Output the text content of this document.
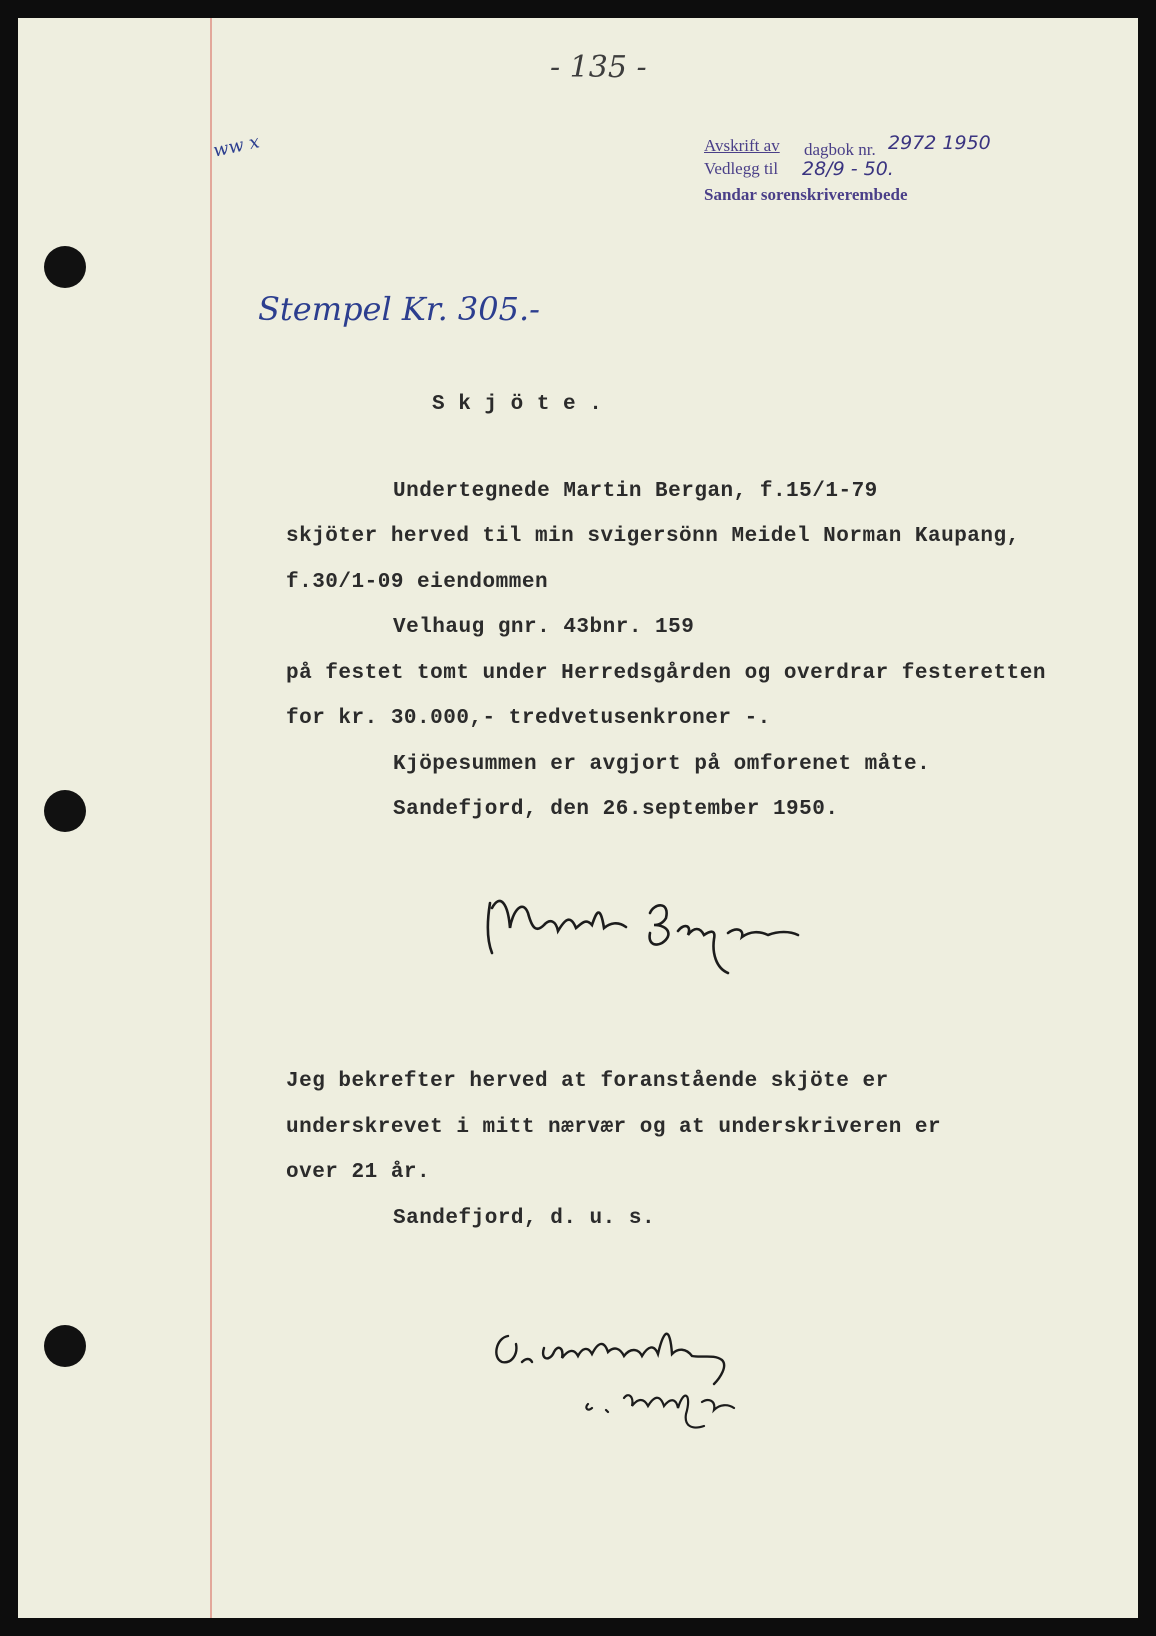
- 135 -
ww x	Avskrift av dagbok nr. 2972 1950
Vedlegg til 28/9 - 50.
Sandar sorenskriverembede
Stempel Kr. 305.-
S k j ö t e .
Undertegnede Martin Bergan, f.15/1-79
skjöter herved til min svigersönn Meidel Norman Kaupang,
f.30/1-09 eiendommen
Velhaug gnr. 43bnr. 159
på festet tomt under Herredsgården og overdrar festeretten
for kr. 30.000,- tredvetusenkroner -.
Kjöpesummen er avgjort på omforenet måte.
Sandefjord, den 26.september 1950.
Martin Bergan
Jeg bekrefter herved at foranstående skjöte er
underskrevet i mitt nærvær og at underskriveren er
over 21 år.
Sandefjord, d. u. s.
G. Londonwaltz
o. r. sakfører
